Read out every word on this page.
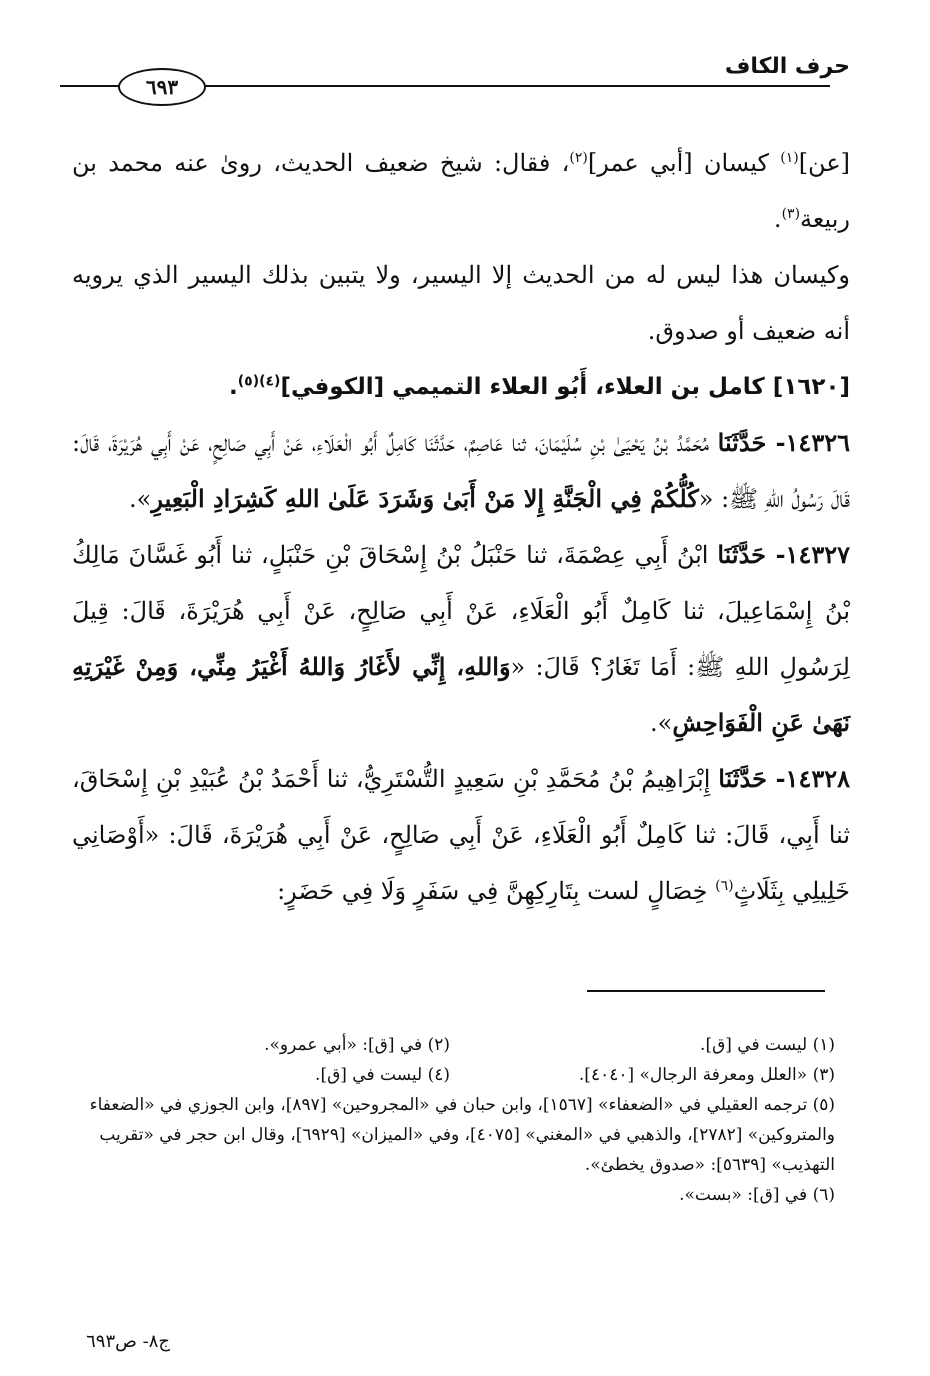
حرف الكاف
٦٩٣

[عن]$^{(١)}$ كيسان [أبي عمر]$^{(٢)}$، فقال: شيخ ضعيف الحديث، روىٰ عنه محمد بن ربيعة$^{(٣)}$.

وكيسان هذا ليس له من الحديث إلا اليسير، ولا يتبين بذلك اليسير الذي يرويه أنه ضعيف أو صدوق.

[١٦٢٠] كامل بن العلاء، أَبُو العلاء التميمي [الكوفي]$^{(٤)(٥)}$.

١٤٣٢٦- حَدَّثَنَا مُحَمَّدُ بْنُ يَحْيَىٰ بْنِ سُلَيْمَانَ، ثنا عَاصِمٌ، حَدَّثَنَا كَامِلٌ أَبُو الْعَلَاءِ، عَنْ أَبِي صَالِحٍ، عَنْ أَبِي هُرَيْرَةَ، قَالَ: قَالَ رَسُولُ اللهِ ﷺ: «كُلُّكُمْ فِي الْجَنَّةِ إِلا مَنْ أَبَىٰ وَشَرَدَ عَلَىٰ اللهِ كَشِرَادِ الْبَعِيرِ».

١٤٣٢٧- حَدَّثَنَا ابْنُ أَبِي عِصْمَةَ، ثنا حَنْبَلُ بْنُ إِسْحَاقَ بْنِ حَنْبَلٍ، ثنا أَبُو غَسَّانَ مَالِكُ بْنُ إِسْمَاعِيلَ، ثنا كَامِلٌ أَبُو الْعَلَاءِ، عَنْ أَبِي صَالِحٍ، عَنْ أَبِي هُرَيْرَةَ، قَالَ: قِيلَ لِرَسُولِ اللهِ ﷺ: أَمَا تَغَارُ؟ قَالَ: «وَاللهِ، إِنِّي لأَغَارُ وَاللهُ أَغْيَرُ مِنِّي، وَمِنْ غَيْرَتِهِ نَهَىٰ عَنِ الْفَوَاحِشِ».

١٤٣٢٨- حَدَّثَنَا إِبْرَاهِيمُ بْنُ مُحَمَّدِ بْنِ سَعِيدٍ التُّسْتَرِيُّ، ثنا أَحْمَدُ بْنُ عُبَيْدِ بْنِ إِسْحَاقَ، ثنا أَبِي، قَالَ: ثنا كَامِلٌ أَبُو الْعَلَاءِ، عَنْ أَبِي صَالِحٍ، عَنْ أَبِي هُرَيْرَةَ، قَالَ: «أَوْصَانِي خَلِيلِي بِثَلَاثٍ$^{(٦)}$ خِصَالٍ لست بِتَارِكِهِنَّ فِي سَفَرٍ وَلَا فِي حَضَرٍ:

(١) ليست في [ق].
(٢) في [ق]: «أبي عمرو».
(٣) «العلل ومعرفة الرجال» [٤٠٤٠].
(٤) ليست في [ق].
(٥) ترجمه العقيلي في «الضعفاء» [١٥٦٧]، وابن حبان في «المجروحين» [٨٩٧]، وابن الجوزي في «الضعفاء والمتروكين» [٢٧٨٢]، والذهبي في «المغني» [٤٠٧٥]، وفي «الميزان» [٦٩٢٩]، وقال ابن حجر في «تقريب التهذيب» [٥٦٣٩]: «صدوق يخطئ».
(٦) في [ق]: «بست».
ج٨- ص٦٩٣
